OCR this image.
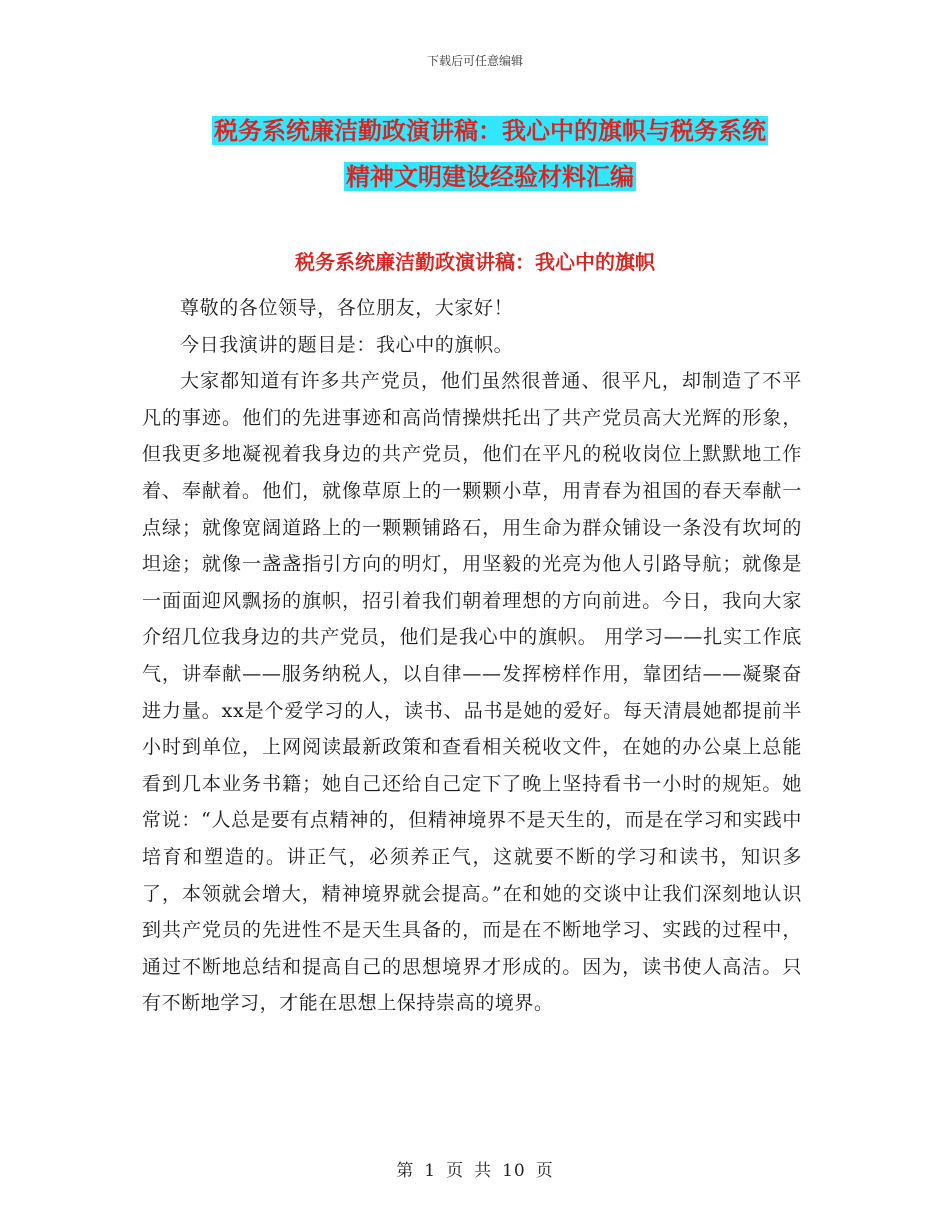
下载后可任意编辑
税务系统廉洁勤政演讲稿：我心中的旗帜与税务系统
精神文明建设经验材料汇编
税务系统廉洁勤政演讲稿：我心中的旗帜

尊敬的各位领导，各位朋友，大家好！

今日我演讲的题目是：我心中的旗帜。

大家都知道有许多共产党员，他们虽然很普通、很平凡，却制造了不平凡的事迹。他们的先进事迹和高尚情操烘托出了共产党员高大光辉的形象，但我更多地凝视着我身边的共产党员，他们在平凡的税收岗位上默默地工作着、奉献着。他们，就像草原上的一颗颗小草，用青春为祖国的春天奉献一点绿；就像宽阔道路上的一颗颗铺路石，用生命为群众铺设一条没有坎坷的坦途；就像一盏盏指引方向的明灯，用坚毅的光亮为他人引路导航；就像是一面面迎风飘扬的旗帜，招引着我们朝着理想的方向前进。今日，我向大家介绍几位我身边的共产党员，他们是我心中的旗帜。 用学习——扎实工作底气，讲奉献——服务纳税人，以自律——发挥榜样作用，靠团结——凝聚奋进力量。xx是个爱学习的人，读书、品书是她的爱好。每天清晨她都提前半小时到单位，上网阅读最新政策和查看相关税收文件，在她的办公桌上总能看到几本业务书籍；她自己还给自己定下了晚上坚持看书一小时的规矩。她常说：“人总是要有点精神的，但精神境界不是天生的，而是在学习和实践中培育和塑造的。讲正气，必须养正气，这就要不断的学习和读书，知识多了，本领就会增大，精神境界就会提高。”在和她的交谈中让我们深刻地认识到共产党员的先进性不是天生具备的，而是在不断地学习、实践的过程中，通过不断地总结和提高自己的思想境界才形成的。因为，读书使人高洁。只有不断地学习，才能在思想上保持崇高的境界。

第 1 页 共 10 页
